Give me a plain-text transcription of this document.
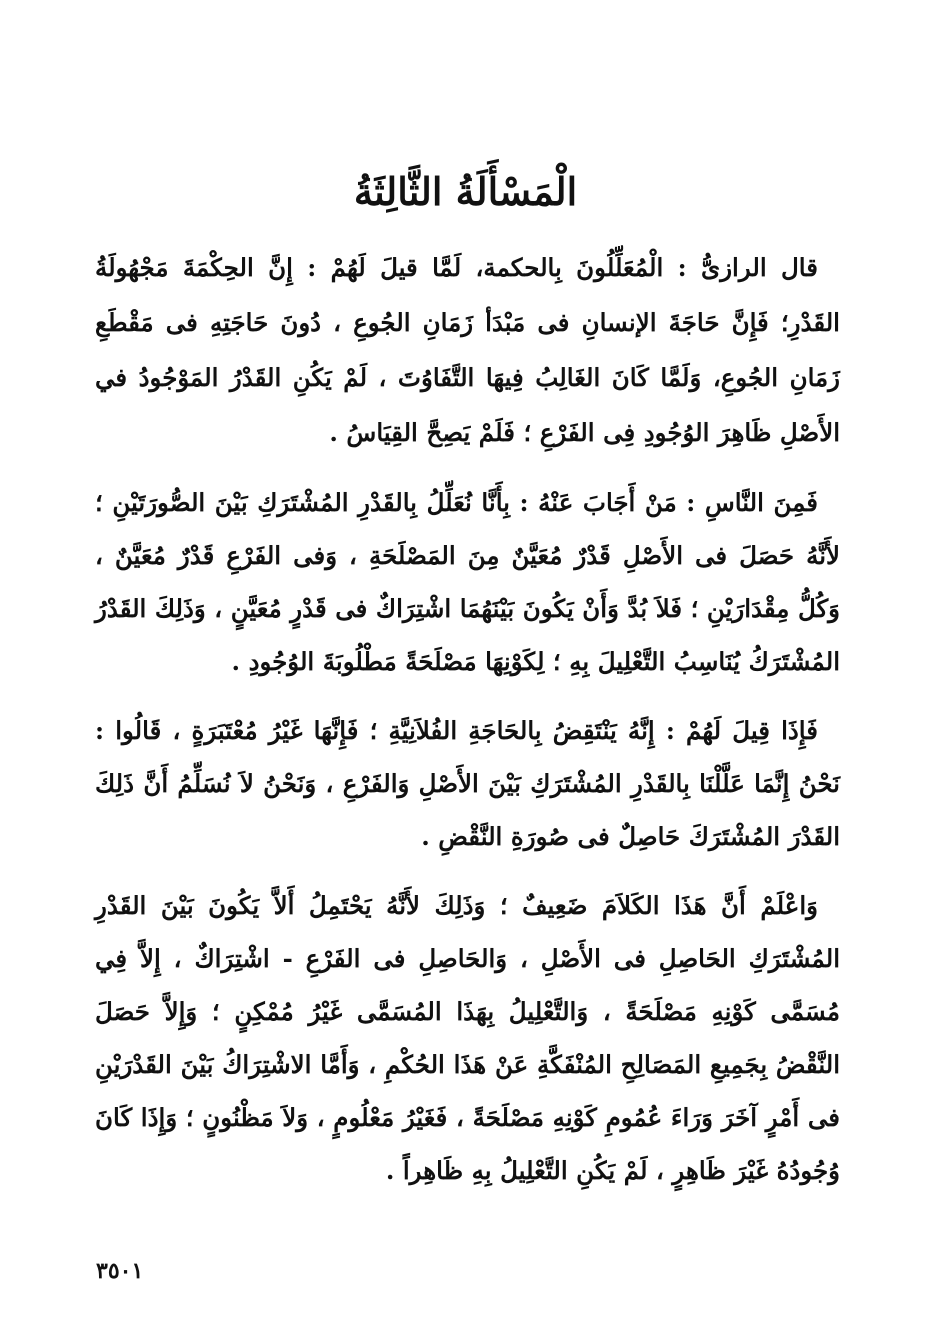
الْمَسْأَلَةُ الثَّالِثَةُ

قال الرازىُّ : الْمُعَلِّلُونَ بِالحكمة، لَمَّا قيلَ لَهُمْ : إِنَّ الحِكْمَةَ مَجْهُولَةُ القَدْرِ؛ فَإِنَّ حَاجَةَ الإنسانِ فى مَبْدَأ زَمَانِ الجُوعِ ، دُونَ حَاجَتِهِ فى مَقْطَعِ زَمَانِ الجُوعِ، وَلَمَّا كَانَ الغَالِبُ فِيهَا التَّفَاوُتَ ، لَمْ يَكُنِ القَدْرُ المَوْجُودُ في الأَصْلِ ظَاهِرَ الوُجُودِ فِى الفَرْعِ ؛ فَلَمْ يَصِحَّ القِيَاسُ .

فَمِنَ النَّاسِ : مَنْ أَجَابَ عَنْهُ : بِأَنَّا نُعَلِّلُ بِالقَدْرِ المُشْتَرَكِ بَيْنَ الصُّورَتَيْنِ ؛ لأَنَّهُ حَصَلَ فى الأَصْلِ قَدْرٌ مُعَيَّنٌ مِنَ المَصْلَحَةِ ، وَفى الفَرْعِ قَدْرٌ مُعَيَّنٌ ، وَكُلُّ مِقْدَارَيْنِ ؛ فَلاَ بُدَّ وَأَنْ يَكُونَ بَيْنَهُمَا اشْتِرَاكٌ فى قَدْرٍ مُعَيَّنٍ ، وَذَلِكَ القَدْرُ المُشْتَرَكُ يُنَاسِبُ التَّعْلِيلَ بِهِ ؛ لِكَوْنِهَا مَصْلَحَةً مَطْلُوبَةَ الوُجُودِ .

فَإِذَا قِيلَ لَهُمْ : إِنَّهُ يَنْتَقِضُ بِالحَاجَةِ الفُلاَنِيَّةِ ؛ فَإِنَّهَا غَيْرُ مُعْتَبَرَةٍ ، قَالُوا : نَحْنُ إِنَّمَا عَلَّلْنَا بِالقَدْرِ المُشْتَرَكِ بَيْنَ الأَصْلِ وَالفَرْعِ ، وَنَحْنُ لاَ نُسَلِّمُ أَنَّ ذَلِكَ القَدْرَ المُشْتَرَكَ حَاصِلٌ فى صُورَةِ النَّقْضِ .

وَاعْلَمْ أَنَّ هَذَا الكَلاَمَ ضَعِيفٌ ؛ وَذَلِكَ لأَنَّهُ يَحْتَمِلُ أَلاَّ يَكُونَ بَيْنَ القَدْرِ المُشْتَرَكِ الحَاصِلِ فى الأَصْلِ ، وَالحَاصِلِ فى الفَرْعِ - اشْتِرَاكٌ ، إِلاَّ فِي مُسَمَّى كَوْنِهِ مَصْلَحَةً ، وَالتَّعْلِيلُ بِهَذَا المُسَمَّى غَيْرُ مُمْكِنٍ ؛ وَإِلاَّ حَصَلَ النَّقْضُ بِجَمِيعِ المَصَالِحِ المُنْفَكَّةِ عَنْ هَذَا الحُكْمِ ، وَأَمَّا الاشْتِرَاكُ بَيْنَ القَدْرَيْنِ فى أَمْرٍ آخَرَ وَرَاءَ عُمُومِ كَوْنِهِ مَصْلَحَةً ، فَغَيْرُ مَعْلُومٍ ، وَلاَ مَظْنُونٍ ؛ وَإِذَا كَانَ وُجُودُهُ غَيْرَ ظَاهِرٍ ، لَمْ يَكُنِ التَّعْلِيلُ بِهِ ظَاهِراً .

٣٥٠١
